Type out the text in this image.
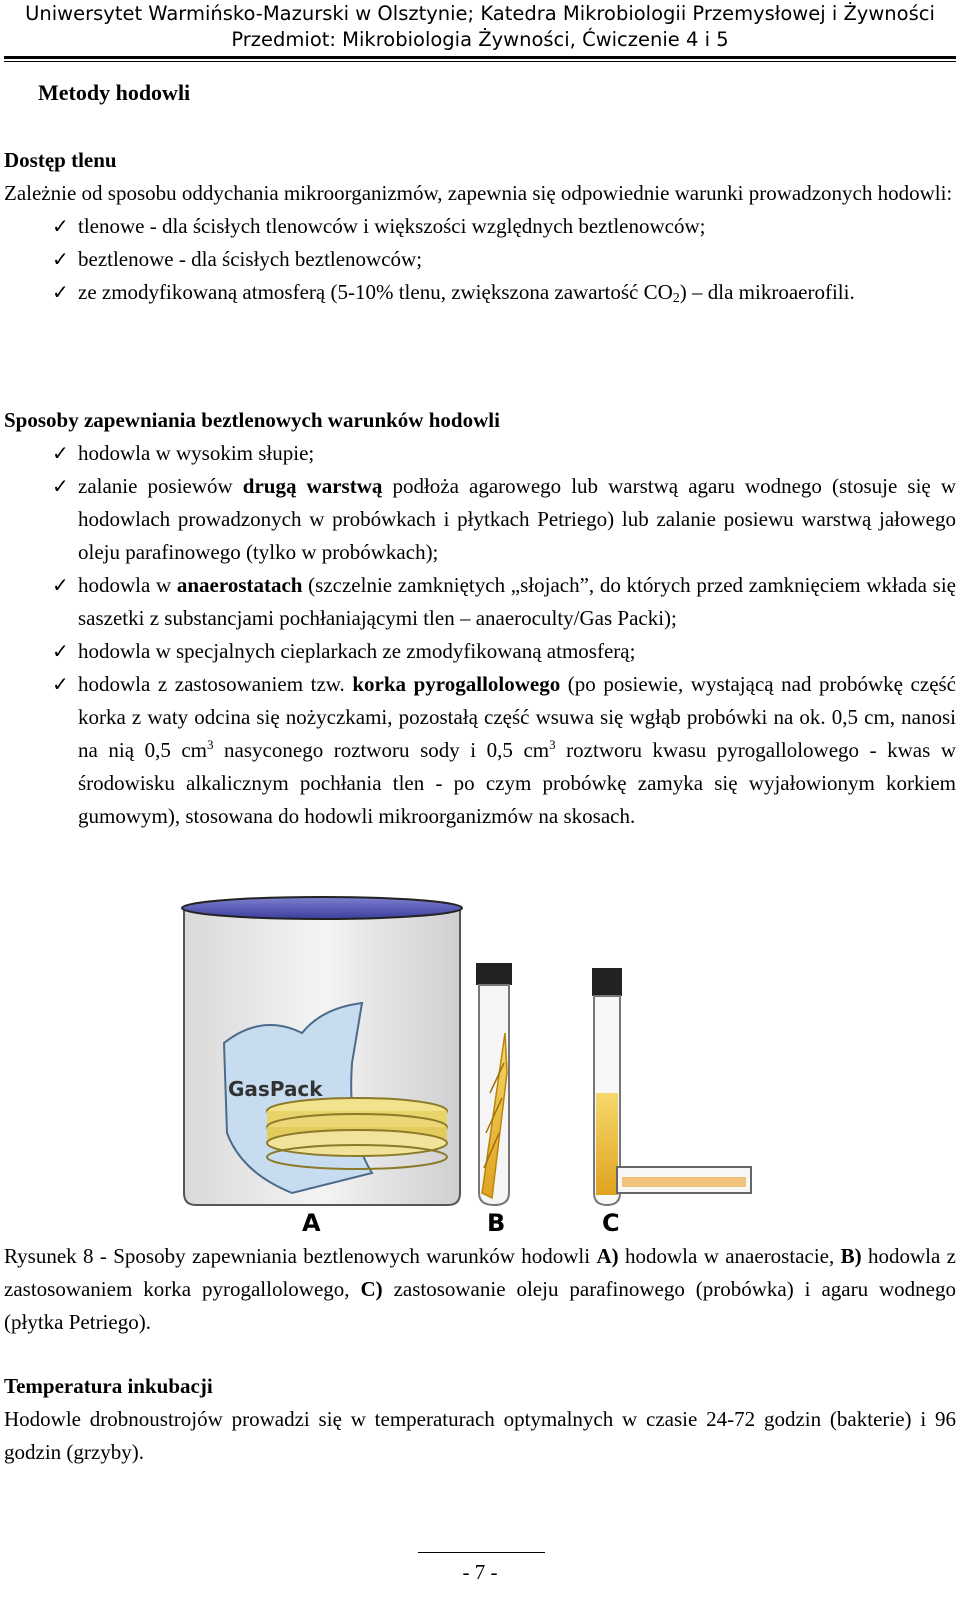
Uniwersytet Warmińsko-Mazurski w Olsztynie; Katedra Mikrobiologii Przemysłowej i Żywności
Przedmiot: Mikrobiologia Żywności, Ćwiczenie 4 i 5
Metody hodowli
Dostęp tlenu
Zależnie od sposobu oddychania mikroorganizmów, zapewnia się odpowiednie warunki prowadzonych hodowli:
✓ tlenowe - dla ścisłych tlenowców i większości względnych beztlenowców;
✓ beztlenowe - dla ścisłych beztlenowców;
✓ ze zmodyfikowaną atmosferą (5-10% tlenu, zwiększona zawartość $CO_2$) – dla mikroaerofili.
Sposoby zapewniania beztlenowych warunków hodowli
✓ hodowla w wysokim słupie;
✓ zalanie posiewów drugą warstwą podłoża agarowego lub warstwą agaru wodnego (stosuje się w hodowlach prowadzonych w probówkach i płytkach Petriego) lub zalanie posiewu warstwą jałowego oleju parafinowego (tylko w probówkach);
✓ hodowla w anaerostatach (szczelnie zamkniętych „słojach”, do których przed zamknięciem wkłada się saszetki z substancjami pochłaniającymi tlen – anaeroculty/Gas Packi);
✓ hodowla w specjalnych cieplarkach ze zmodyfikowaną atmosferą;
✓ hodowla z zastosowaniem tzw. korka pyrogallolowego (po posiewie, wystającą nad probówkę część korka z waty odcina się nożyczkami, pozostałą część wsuwa się wgłąb probówki na ok. 0,5 cm, nanosi na nią 0,5 $cm^3$ nasyconego roztworu sody i 0,5 $cm^3$ roztworu kwasu pyrogallolowego - kwas w środowisku alkalicznym pochłania tlen - po czym probówkę zamyka się wyjałowionym korkiem gumowym), stosowana do hodowli mikroorganizmów na skosach.
GasPack
A	B	C
Rysunek 8 - Sposoby zapewniania beztlenowych warunków hodowli A) hodowla w anaerostacie, B) hodowla z zastosowaniem korka pyrogallolowego, C) zastosowanie oleju parafinowego (probówka) i agaru wodnego (płytka Petriego).
Temperatura inkubacji
Hodowle drobnoustrojów prowadzi się w temperaturach optymalnych w czasie 24-72 godzin (bakterie) i 96 godzin (grzyby).
- 7 -
